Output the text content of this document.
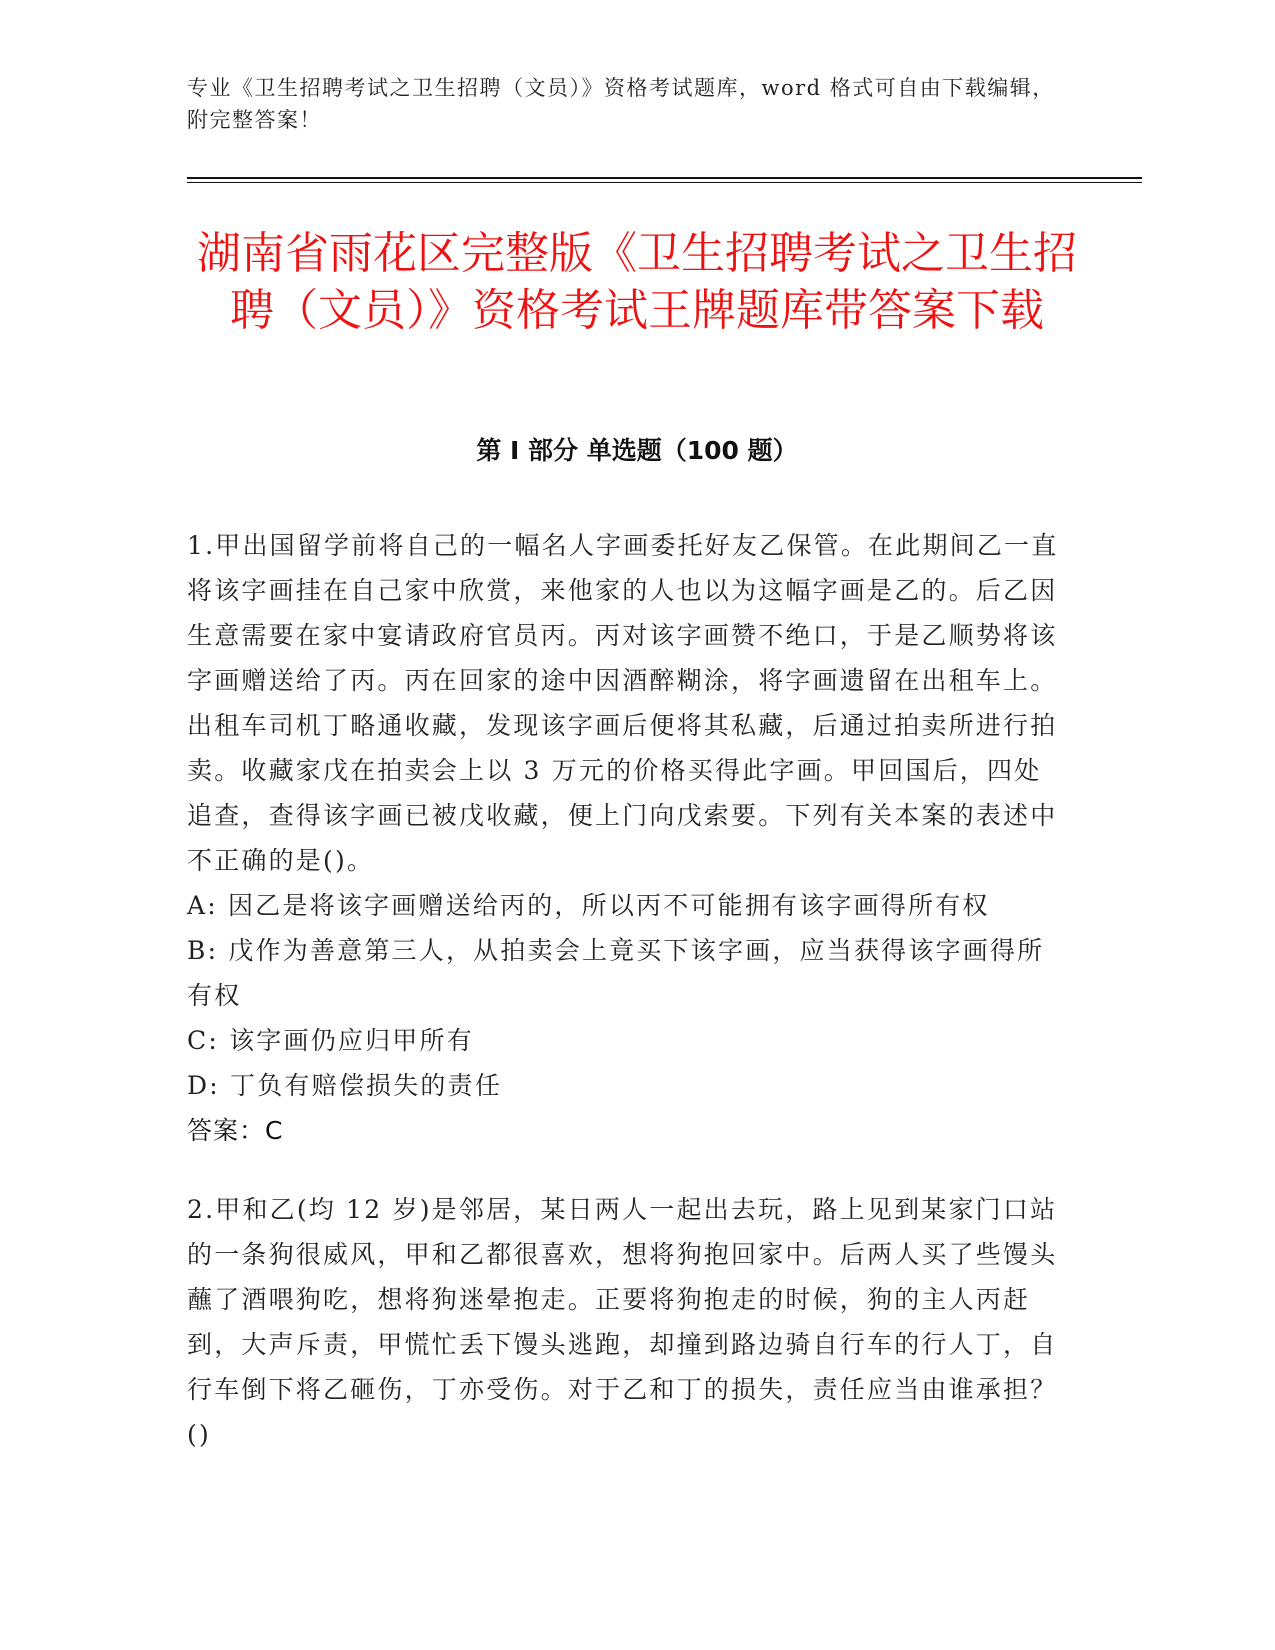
专业《卫生招聘考试之卫生招聘（文员）》资格考试题库，word 格式可自由下载编辑，附完整答案！
湖南省雨花区完整版《卫生招聘考试之卫生招聘（文员）》资格考试王牌题库带答案下载
第 I 部分 单选题（100 题）

1.甲出国留学前将自己的一幅名人字画委托好友乙保管。在此期间乙一直将该字画挂在自己家中欣赏，来他家的人也以为这幅字画是乙的。后乙因生意需要在家中宴请政府官员丙。丙对该字画赞不绝口，于是乙顺势将该字画赠送给了丙。丙在回家的途中因酒醉糊涂，将字画遗留在出租车上。出租车司机丁略通收藏，发现该字画后便将其私藏，后通过拍卖所进行拍卖。收藏家戊在拍卖会上以 3 万元的价格买得此字画。甲回国后，四处追查，查得该字画已被戊收藏，便上门向戊索要。下列有关本案的表述中不正确的是()。

A: 因乙是将该字画赠送给丙的，所以丙不可能拥有该字画得所有权

B: 戊作为善意第三人，从拍卖会上竟买下该字画，应当获得该字画得所有权

C: 该字画仍应归甲所有

D: 丁负有赔偿损失的责任

答案：C

2.甲和乙(均 12 岁)是邻居，某日两人一起出去玩，路上见到某家门口站的一条狗很威风，甲和乙都很喜欢，想将狗抱回家中。后两人买了些馒头蘸了酒喂狗吃，想将狗迷晕抱走。正要将狗抱走的时候，狗的主人丙赶到，大声斥责，甲慌忙丢下馒头逃跑，却撞到路边骑自行车的行人丁，自行车倒下将乙砸伤，丁亦受伤。对于乙和丁的损失，责任应当由谁承担？()
